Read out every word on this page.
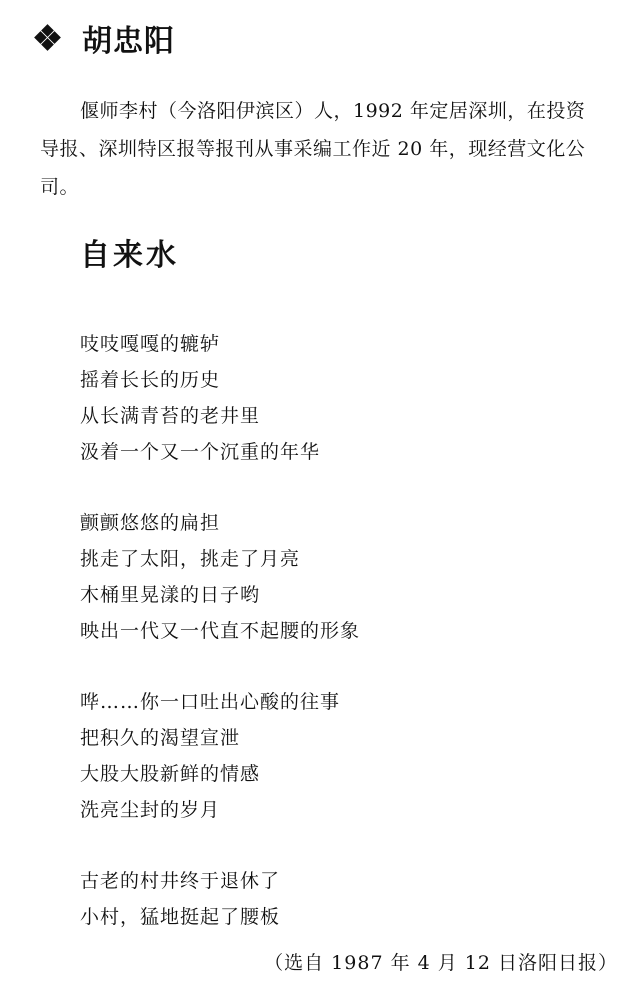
胡忠阳
偃师李村（今洛阳伊滨区）人，1992 年定居深圳，在投资
导报、深圳特区报等报刊从事采编工作近 20 年，现经营文化公司。
自来水
吱吱嘎嘎的辘轳
摇着长长的历史
从长满青苔的老井里
汲着一个又一个沉重的年华
颤颤悠悠的扁担
挑走了太阳，挑走了月亮
木桶里晃漾的日子哟
映出一代又一代直不起腰的形象
哗……你一口吐出心酸的往事
把积久的渴望宣泄
大股大股新鲜的情感
洗亮尘封的岁月
古老的村井终于退休了
小村，猛地挺起了腰板
（选自 1987 年 4 月 12 日洛阳日报）
